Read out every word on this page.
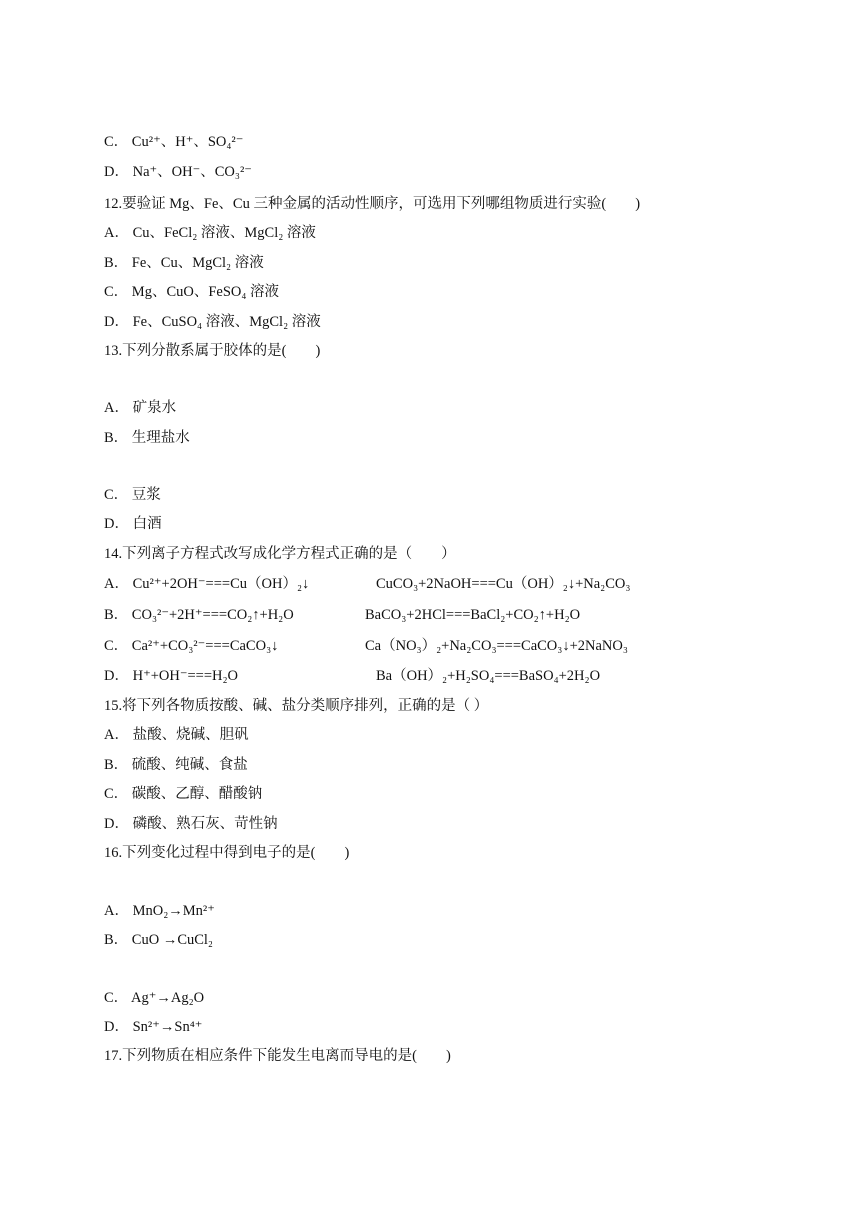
C． Cu²⁺、H⁺、SO₄²⁻
D． Na⁺、OH⁻、CO₃²⁻
12.要验证 Mg、Fe、Cu 三种金属的活动性顺序，可选用下列哪组物质进行实验(　　)
A． Cu、FeCl₂ 溶液、MgCl₂ 溶液
B． Fe、Cu、MgCl₂ 溶液
C． Mg、CuO、FeSO₄ 溶液
D． Fe、CuSO₄ 溶液、MgCl₂ 溶液
13.下列分散系属于胶体的是(　　)
A． 矿泉水
B． 生理盐水
C． 豆浆
D． 白酒
14.下列离子方程式改写成化学方程式正确的是（　　）
A． Cu²⁺+2OH⁻===Cu（OH）₂↓	CuCO₃+2NaOH===Cu（OH）₂↓+Na₂CO₃
B． CO₃²⁻+2H⁺===CO₂↑+H₂O	BaCO₃+2HCl===BaCl₂+CO₂↑+H₂O
C． Ca²⁺+CO₃²⁻===CaCO₃↓	Ca（NO₃）₂+Na₂CO₃===CaCO₃↓+2NaNO₃
D． H⁺+OH⁻===H₂O	Ba（OH）₂+H₂SO₄===BaSO₄+2H₂O
15.将下列各物质按酸、碱、盐分类顺序排列，正确的是（ ）
A． 盐酸、烧碱、胆矾
B． 硫酸、纯碱、食盐
C． 碳酸、乙醇、醋酸钠
D． 磷酸、熟石灰、苛性钠
16.下列变化过程中得到电子的是(　　)
A． MnO₂→Mn²⁺
B． CuO →CuCl₂
C． Ag⁺→Ag₂O
D． Sn²⁺→Sn⁴⁺
17.下列物质在相应条件下能发生电离而导电的是(　　)
